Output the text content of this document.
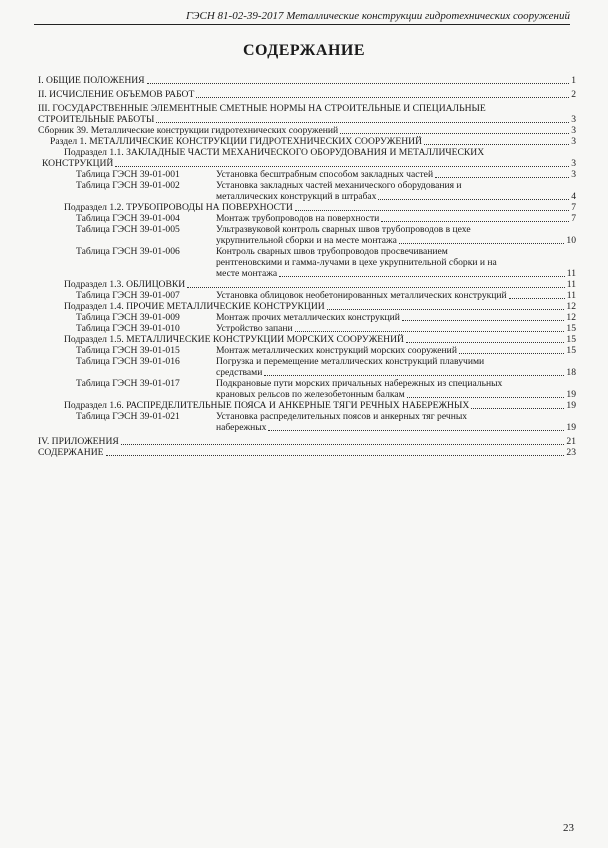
ГЭСН 81-02-39-2017 Металлические конструкции гидротехнических сооружений
СОДЕРЖАНИЕ
I. ОБЩИЕ ПОЛОЖЕНИЯ	1
II. ИСЧИСЛЕНИЕ ОБЪЕМОВ РАБОТ	2
III. ГОСУДАРСТВЕННЫЕ ЭЛЕМЕНТНЫЕ СМЕТНЫЕ НОРМЫ НА СТРОИТЕЛЬНЫЕ И СПЕЦИАЛЬНЫЕ
СТРОИТЕЛЬНЫЕ РАБОТЫ	3
Сборник 39. Металлические конструкции гидротехнических сооружений	3
Раздел 1. МЕТАЛЛИЧЕСКИЕ КОНСТРУКЦИИ ГИДРОТЕХНИЧЕСКИХ СООРУЖЕНИЙ	3
Подраздел 1.1. ЗАКЛАДНЫЕ ЧАСТИ МЕХАНИЧЕСКОГО ОБОРУДОВАНИЯ И МЕТАЛЛИЧЕСКИХ
КОНСТРУКЦИЙ	3
Таблица ГЭСН 39-01-001	Установка бесштрабным способом закладных частей	3
Таблица ГЭСН 39-01-002	Установка закладных частей механического оборудования и
металлических конструкций в штрабах	4
Подраздел 1.2. ТРУБОПРОВОДЫ НА ПОВЕРХНОСТИ	7
Таблица ГЭСН 39-01-004	Монтаж трубопроводов на поверхности	7
Таблица ГЭСН 39-01-005	Ультразвуковой контроль сварных швов трубопроводов в цехе
укрупнительной сборки и на месте монтажа	10
Таблица ГЭСН 39-01-006	Контроль сварных швов трубопроводов просвечиванием
рентгеновскими и гамма-лучами в цехе укрупнительной сборки и на
месте монтажа	11
Подраздел 1.3. ОБЛИЦОВКИ	11
Таблица ГЭСН 39-01-007	Установка облицовок необетонированных металлических конструкций	11
Подраздел 1.4. ПРОЧИЕ МЕТАЛЛИЧЕСКИЕ КОНСТРУКЦИИ	12
Таблица ГЭСН 39-01-009	Монтаж прочих металлических конструкций	12
Таблица ГЭСН 39-01-010	Устройство запани	15
Подраздел 1.5. МЕТАЛЛИЧЕСКИЕ КОНСТРУКЦИИ МОРСКИХ СООРУЖЕНИЙ	15
Таблица ГЭСН 39-01-015	Монтаж металлических конструкций морских сооружений	15
Таблица ГЭСН 39-01-016	Погрузка и перемещение металлических конструкций плавучими
средствами	18
Таблица ГЭСН 39-01-017	Подкрановые пути морских причальных набережных из специальных
крановых рельсов по железобетонным балкам	19
Подраздел 1.6. РАСПРЕДЕЛИТЕЛЬНЫЕ ПОЯСА И АНКЕРНЫЕ ТЯГИ РЕЧНЫХ НАБЕРЕЖНЫХ	19
Таблица ГЭСН 39-01-021	Установка распределительных поясов и анкерных тяг речных
набережных	19
IV. ПРИЛОЖЕНИЯ	21
СОДЕРЖАНИЕ	23
23
